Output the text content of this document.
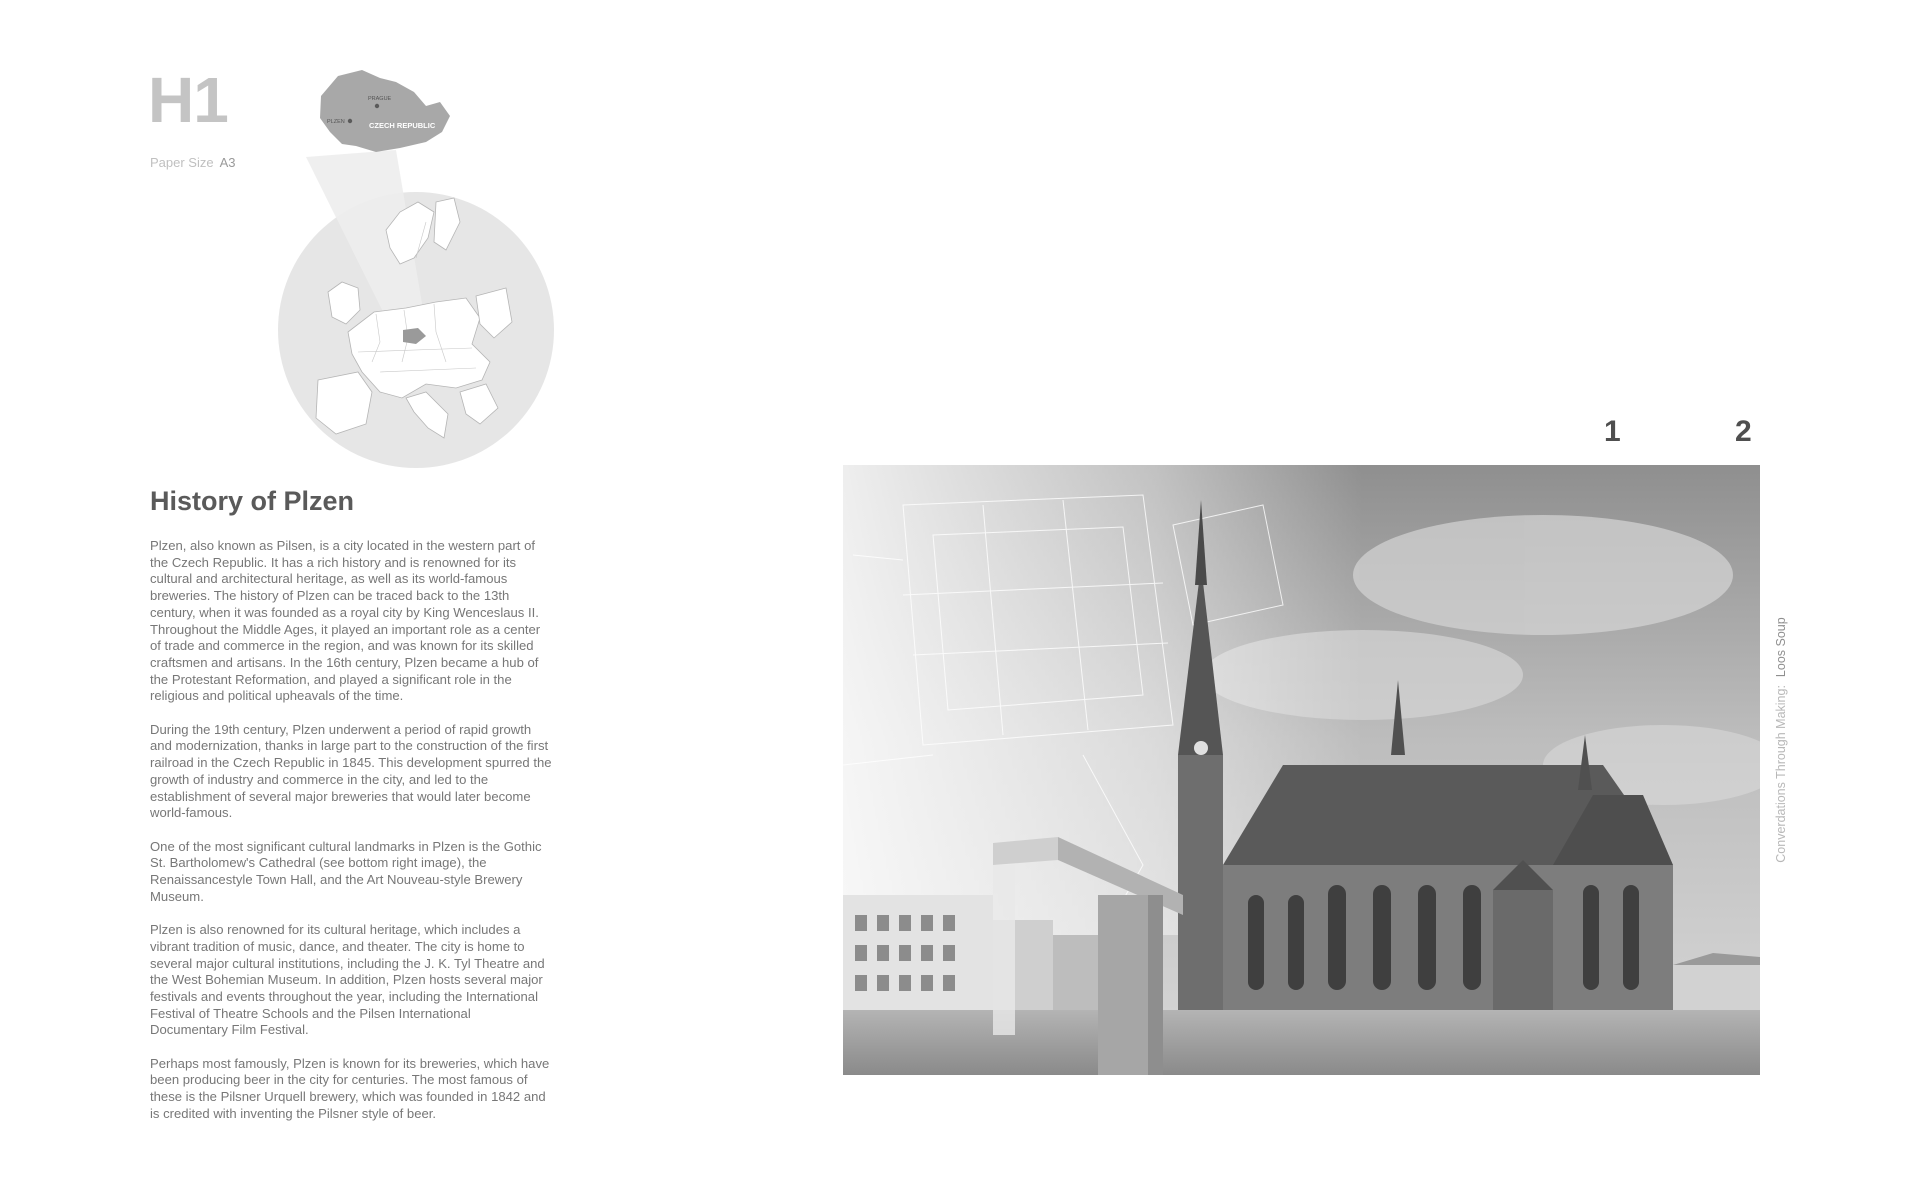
H1
Paper Size A3
PRAGUE
PLZEN	CZECH REPUBLIC
History of Plzen

Plzen, also known as Pilsen, is a city located in the western part of the Czech Republic. It has a rich history and is renowned for its cultural and architectural heritage, as well as its world-famous breweries. The history of Plzen can be traced back to the 13th century, when it was founded as a royal city by King Wenceslaus II. Throughout the Middle Ages, it played an important role as a center of trade and commerce in the region, and was known for its skilled craftsmen and artisans. In the 16th century, Plzen became a hub of the Protestant Reformation, and played a significant role in the religious and political upheavals of the time.

During the 19th century, Plzen underwent a period of rapid growth and modernization, thanks in large part to the construction of the first railroad in the Czech Republic in 1845. This development spurred the growth of industry and commerce in the city, and led to the establishment of several major breweries that would later become world-famous.

One of the most significant cultural landmarks in Plzen is the Gothic St. Bartholomew's Cathedral (see bottom right image), the Renaissancestyle Town Hall, and the Art Nouveau-style Brewery Museum.

Plzen is also renowned for its cultural heritage, which includes a vibrant tradition of music, dance, and theater. The city is home to several major cultural institutions, including the J. K. Tyl Theatre and the West Bohemian Museum. In addition, Plzen hosts several major festivals and events throughout the year, including the International Festival of Theatre Schools and the Pilsen International Documentary Film Festival.

Perhaps most famously, Plzen is known for its breweries, which have been producing beer in the city for centuries. The most famous of these is the Pilsner Urquell brewery, which was founded in 1842 and is credited with inventing the Pilsner style of beer.

1	2
Converdations Through Making:Loos Soup
